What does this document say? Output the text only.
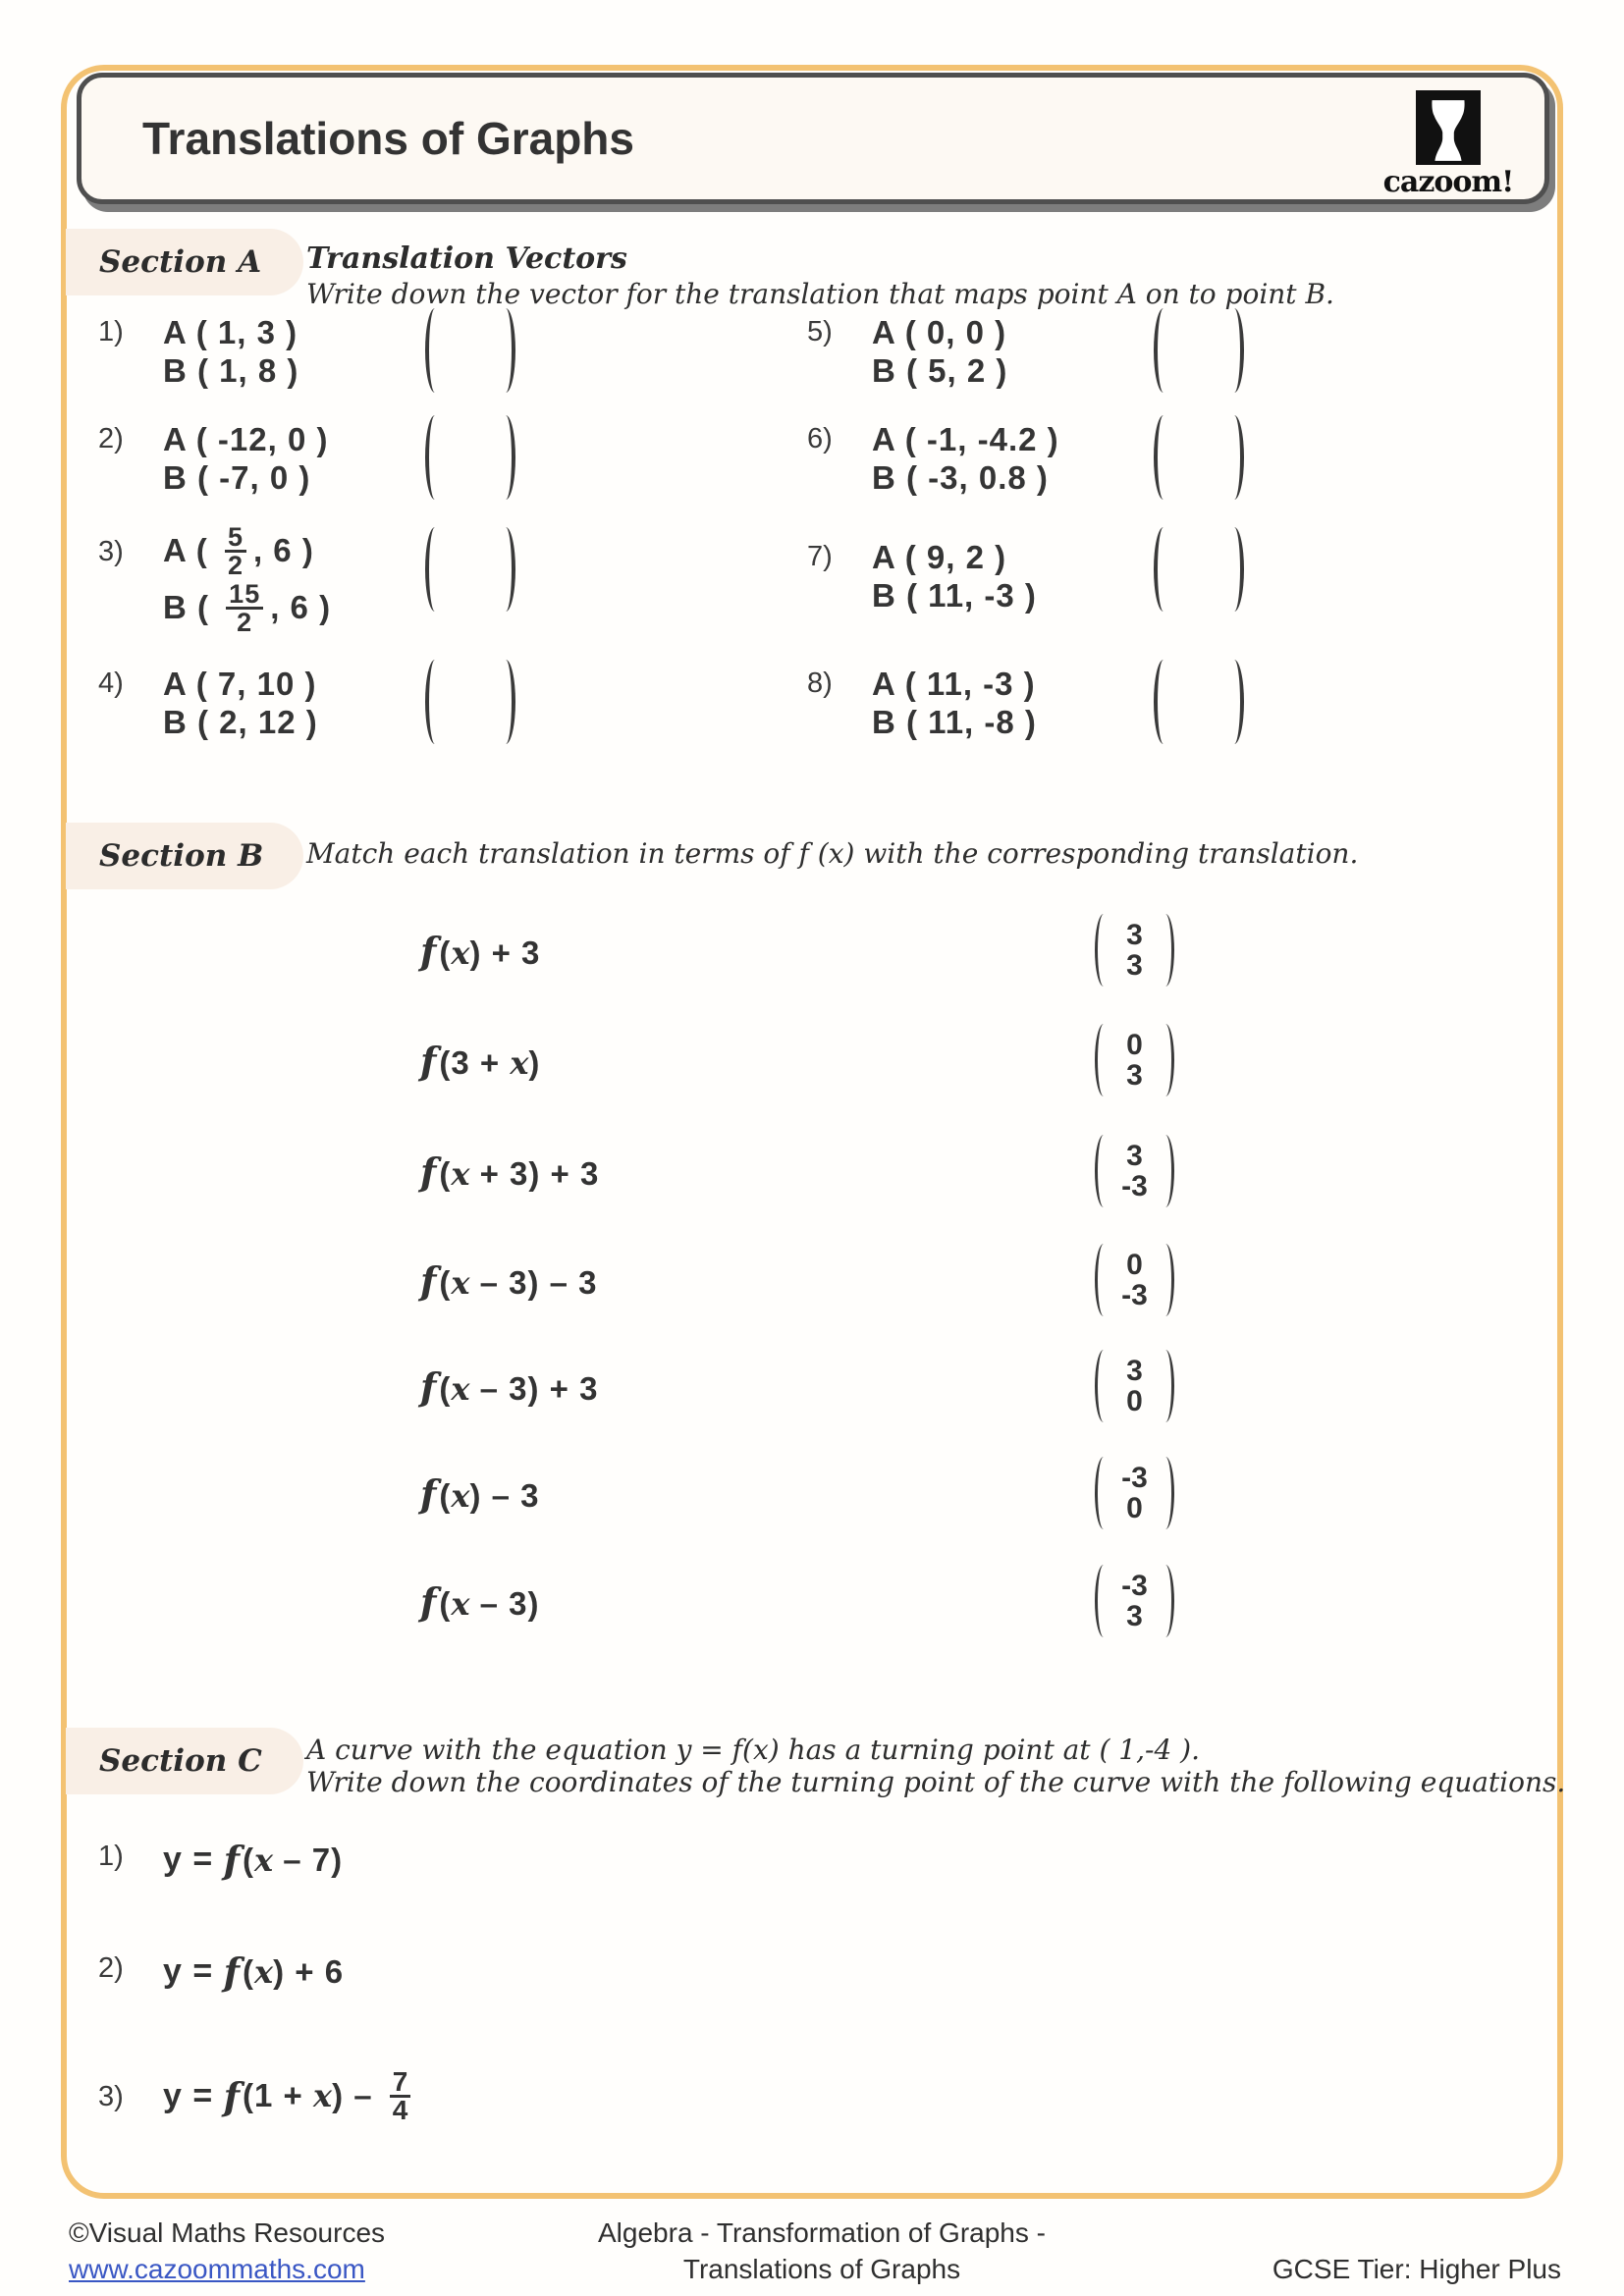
Translations of Graphs
cazoom!
Section A Translation Vectors
Write down the vector for the translation that maps point A on to point B.
1)	A ( 1, 3 )
B ( 1, 8 )
2)	A ( -12, 0 )
B ( -7, 0 )
3)	A ( $\frac{5}{2}$ , 6 )
B ( $\frac{15}{2}$ , 6 )
4)	A ( 7, 10 )
B ( 2, 12 )
5)	A ( 0, 0 )
B ( 5, 2 )
6)	A ( -1, -4.2 )
B ( -3, 0.8 )
7)	A ( 9, 2 )
B ( 11, -3 )
8)	A ( 11, -3 )
B ( 11, -8 )
Section B Match each translation in terms of f (x) with the corresponding translation.
f ( x ) + 3	3
3
f (3 + x )	0
3
f ( x + 3) + 3	3
-3
f ( x – 3) – 3	0
-3
f ( x – 3) + 3	3
0
f ( x ) – 3	-3
0
f ( x – 3)	-3
3
Section C A curve with the equation y = f(x) has a turning point at ( 1,-4 ).
Write down the coordinates of the turning point of the curve with the following equations.
1)	y = f ( x – 7)
2)	y = f ( x ) + 6
3)	y = f (1 + x ) – $\frac{7}{4}$
©Visual Maths Resources
www.cazoommaths.com
Algebra - Transformation of Graphs -
Translations of Graphs	GCSE Tier: Higher Plus
